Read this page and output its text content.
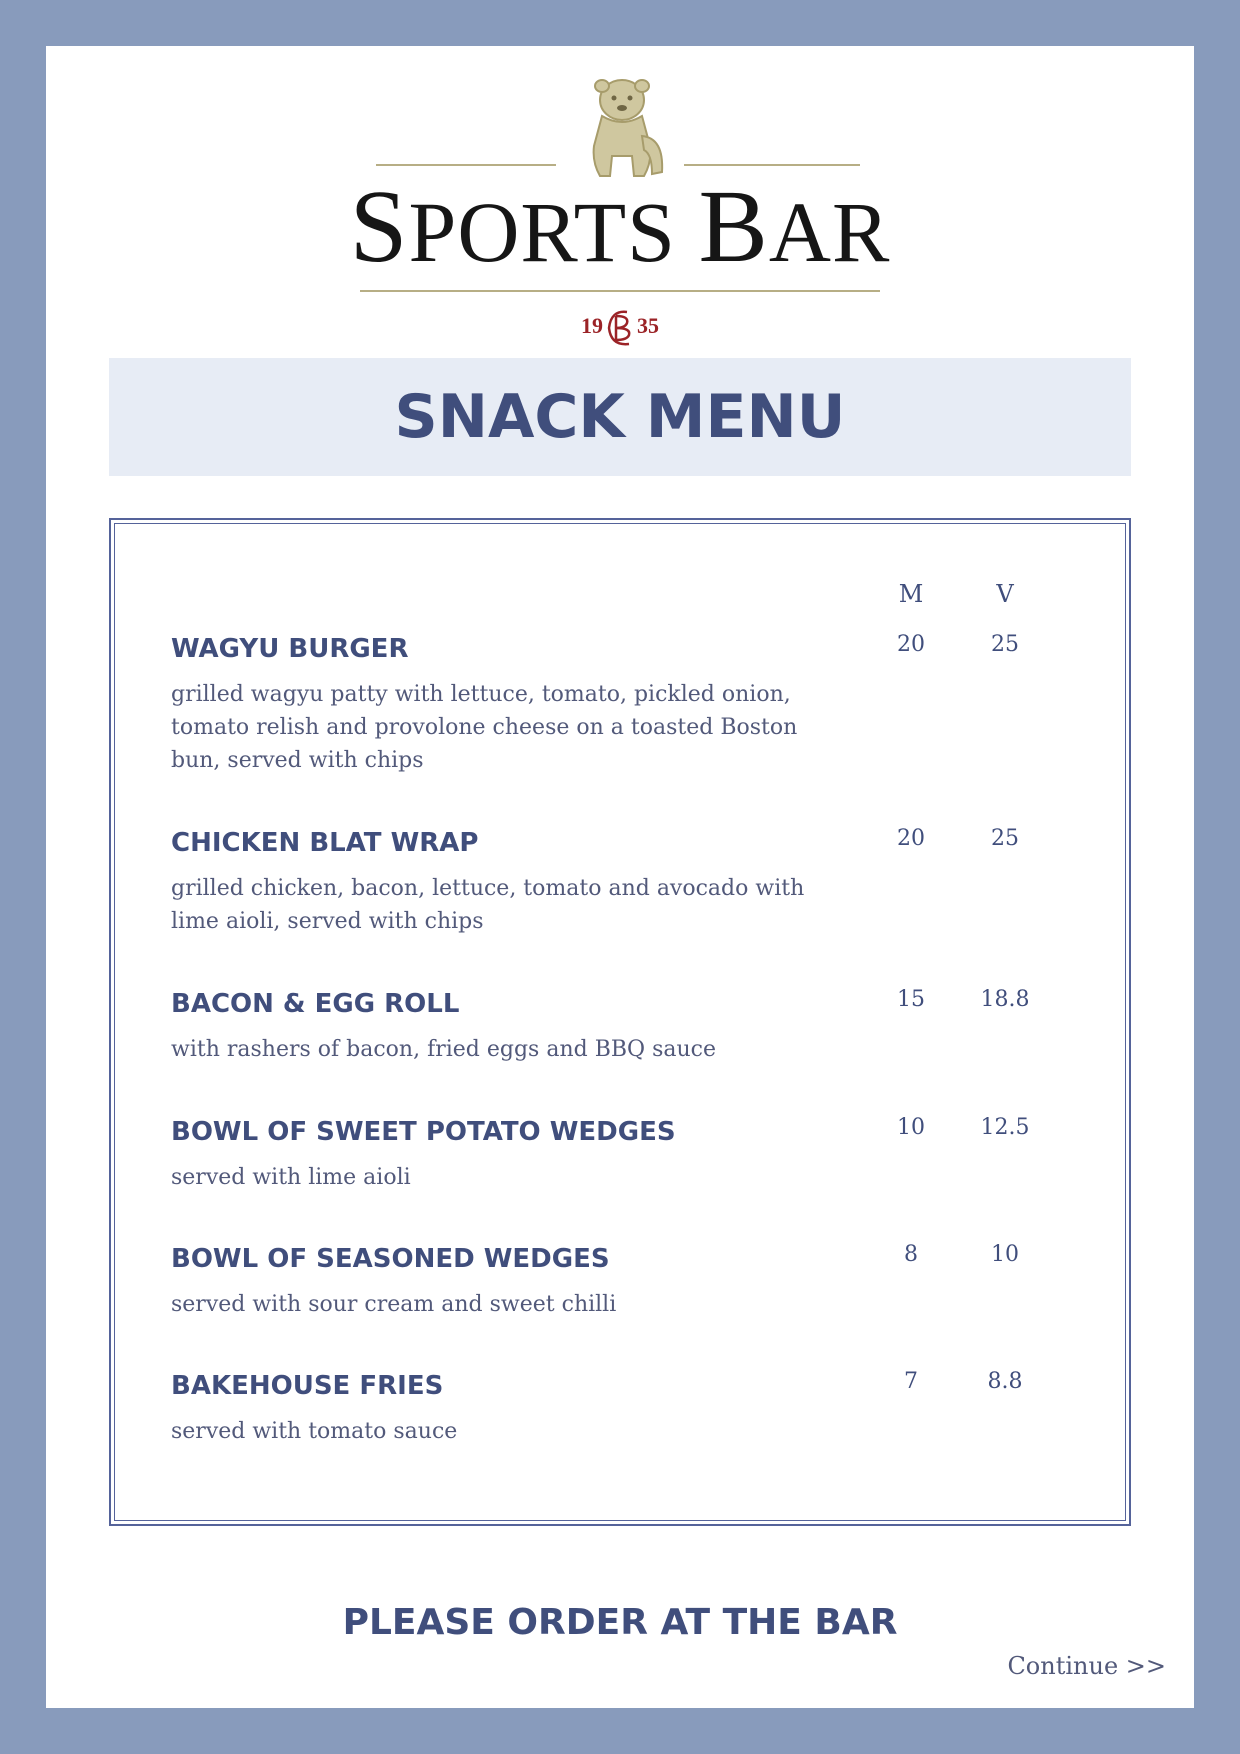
SPORTS BAR
19 35
SNACK MENU
M	V
WAGYU BURGER
grilled wagyu patty with lettuce, tomato, pickled onion, tomato relish and provolone cheese on a toasted Boston bun, served with chips
20	25
CHICKEN BLAT WRAP
grilled chicken, bacon, lettuce, tomato and avocado with lime aioli, served with chips
20	25
BACON & EGG ROLL
with rashers of bacon, fried eggs and BBQ sauce
15	18.8
BOWL OF SWEET POTATO WEDGES
served with lime aioli
10	12.5
BOWL OF SEASONED WEDGES
served with sour cream and sweet chilli
8	10
BAKEHOUSE FRIES
served with tomato sauce
7	8.8
PLEASE ORDER AT THE BAR
Continue >>
